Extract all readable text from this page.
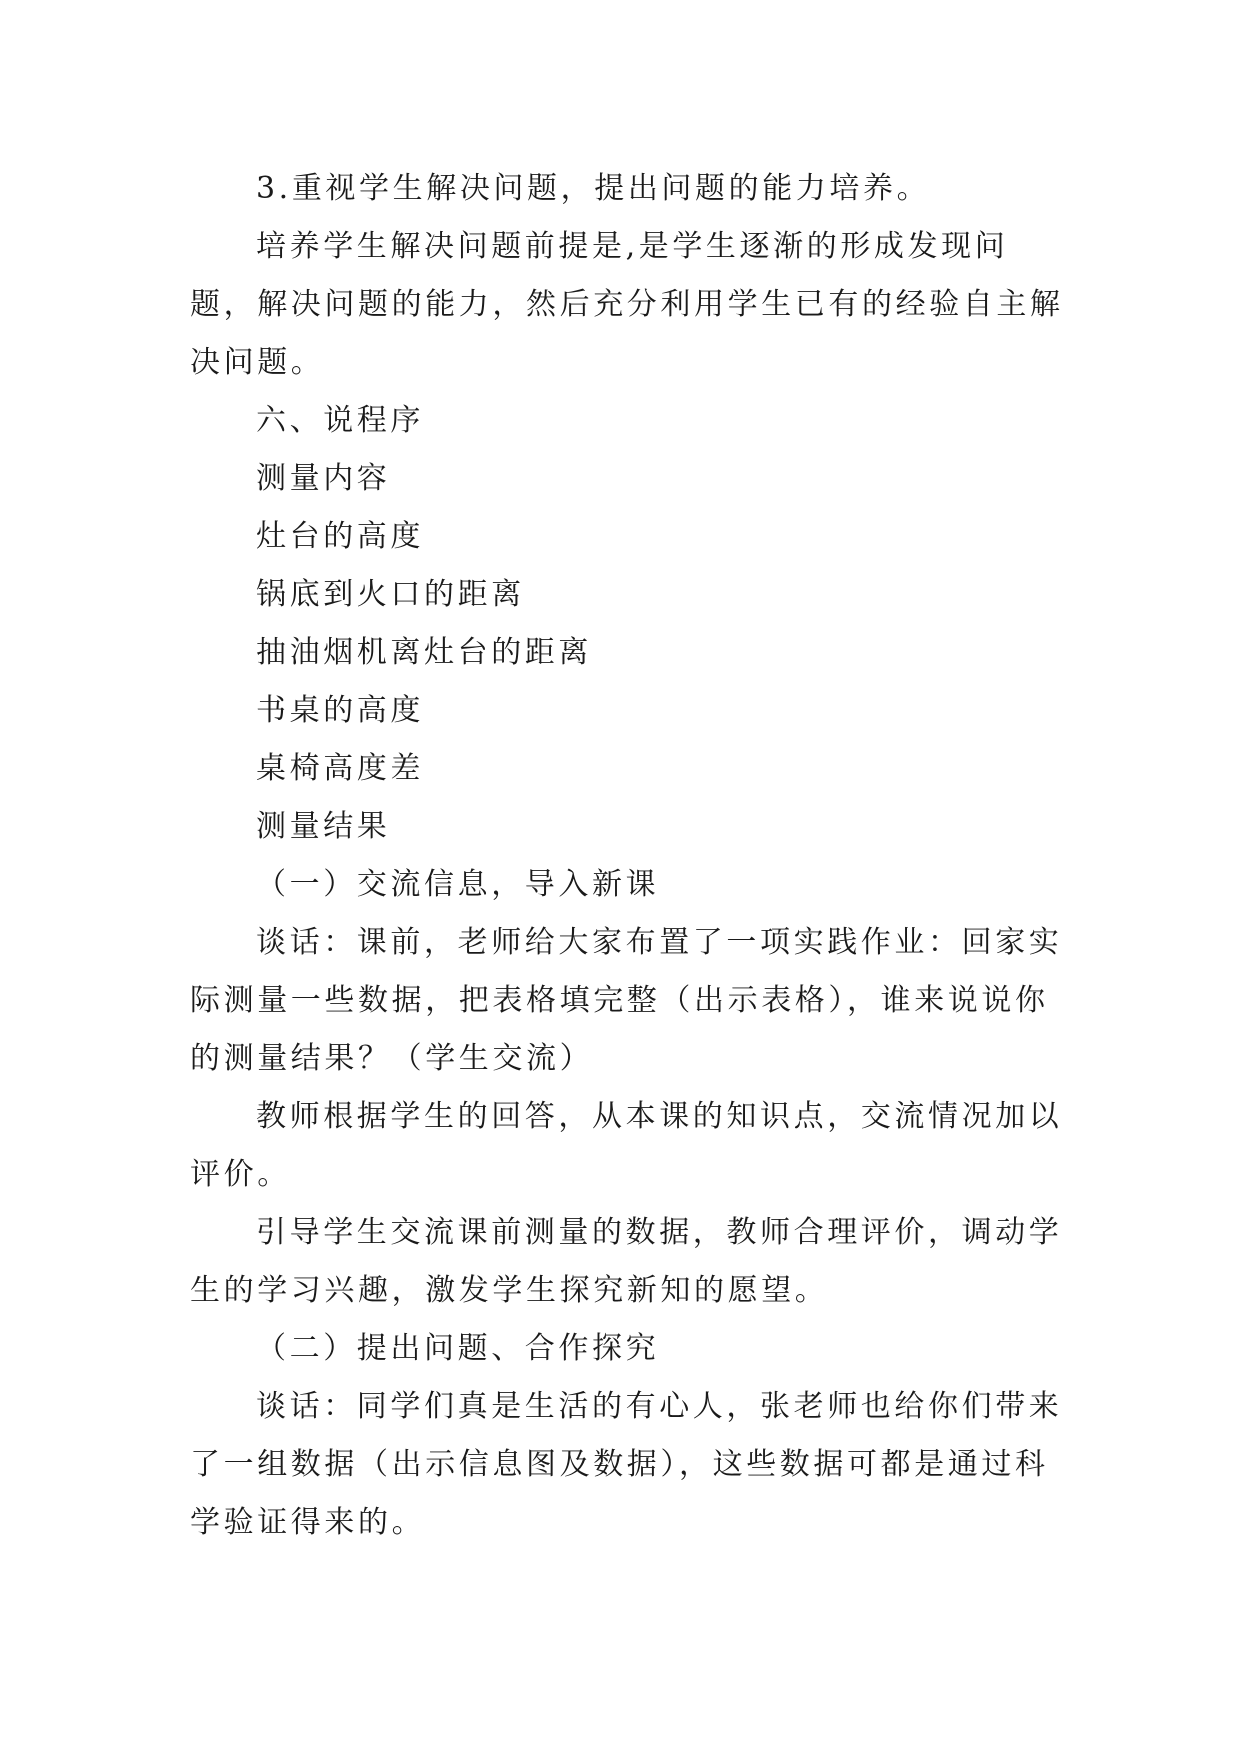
3.重视学生解决问题，提出问题的能力培养。

培养学生解决问题前提是,是学生逐渐的形成发现问题，解决问题的能力，然后充分利用学生已有的经验自主解决问题。

六、说程序

测量内容

灶台的高度

锅底到火口的距离

抽油烟机离灶台的距离

书桌的高度

桌椅高度差

测量结果

（一）交流信息，导入新课

谈话：课前，老师给大家布置了一项实践作业：回家实际测量一些数据，把表格填完整（出示表格），谁来说说你的测量结果？（学生交流）

教师根据学生的回答，从本课的知识点，交流情况加以评价。

引导学生交流课前测量的数据，教师合理评价，调动学生的学习兴趣，激发学生探究新知的愿望。

（二）提出问题、合作探究

谈话：同学们真是生活的有心人，张老师也给你们带来了一组数据（出示信息图及数据），这些数据可都是通过科学验证得来的。
